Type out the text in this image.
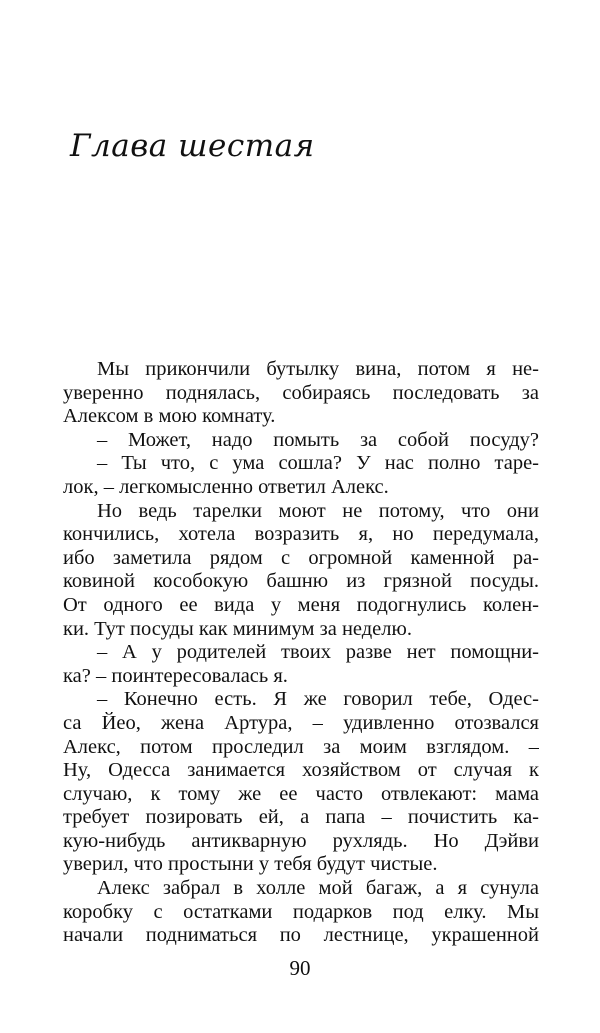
Глава шестая
Мы прикончили бутылку вина, потом я не-
уверенно поднялась, собираясь последовать за
Алексом в мою комнату.
– Может, надо помыть за собой посуду?
– Ты что, с ума сошла? У нас полно тарe-
лок, – легкомысленно ответил Алекс.
Но ведь тарелки моют не потому, что они
кончились, хотела возразить я, но передумала,
ибо заметила рядом с огромной каменной ра-
ковиной кособокую башню из грязной посуды.
От одного ее вида у меня подогнулись колен-
ки. Тут посуды как минимум за неделю.
– А у родителей твоих разве нет помощни-
ка? – поинтересовалась я.
– Конечно есть. Я же говорил тебе, Одес-
са Йео, жена Артура, – удивленно отозвался
Алекс, потом проследил за моим взглядом. –
Ну, Одесса занимается хозяйством от случая к
случаю, к тому же ее часто отвлекают: мама
требует позировать ей, а папа – почистить ка-
кую-нибудь антикварную рухлядь. Но Дэйви
уверил, что простыни у тебя будут чистые.
Алекс забрал в холле мой багаж, а я сунула
коробку с остатками подарков под елку. Мы
начали подниматься по лестнице, украшенной
90
